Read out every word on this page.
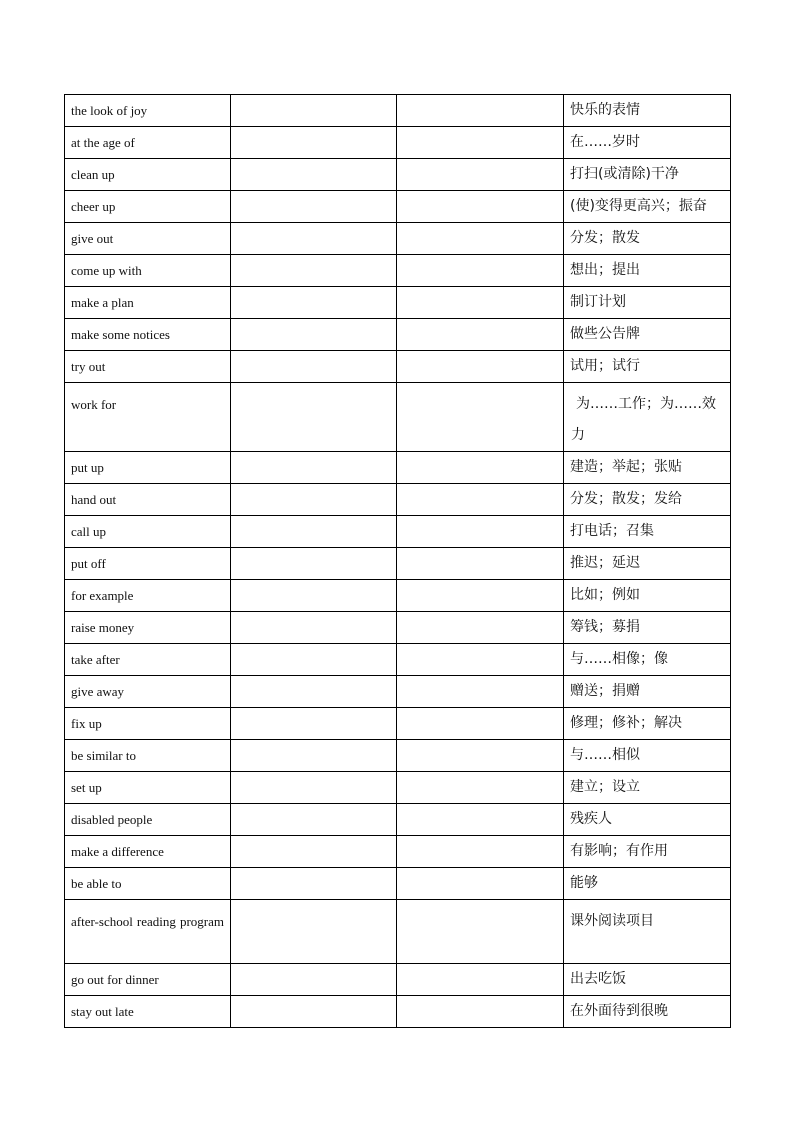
the look of joy			快乐的表情
at the age of			在……岁时
clean up			打扫(或清除)干净
cheer up			(使)变得更高兴；振奋
give out			分发；散发
come up with			想出；提出
make a plan			制订计划
make some notices			做些公告牌
try out			试用；试行
work for			为……工作；为……效力
put up			建造；举起；张贴
hand out			分发；散发；发给
call up			打电话；召集
put off			推迟；延迟
for example			比如；例如
raise money			筹钱；募捐
take after			与……相像；像
give away			赠送；捐赠
fix up			修理；修补；解决
be similar to			与……相似
set up			建立；设立
disabled people			残疾人
make a difference			有影响；有作用
be able to			能够

after-school reading program			课外阅读项目
go out for dinner			出去吃饭
stay out late			在外面待到很晚
